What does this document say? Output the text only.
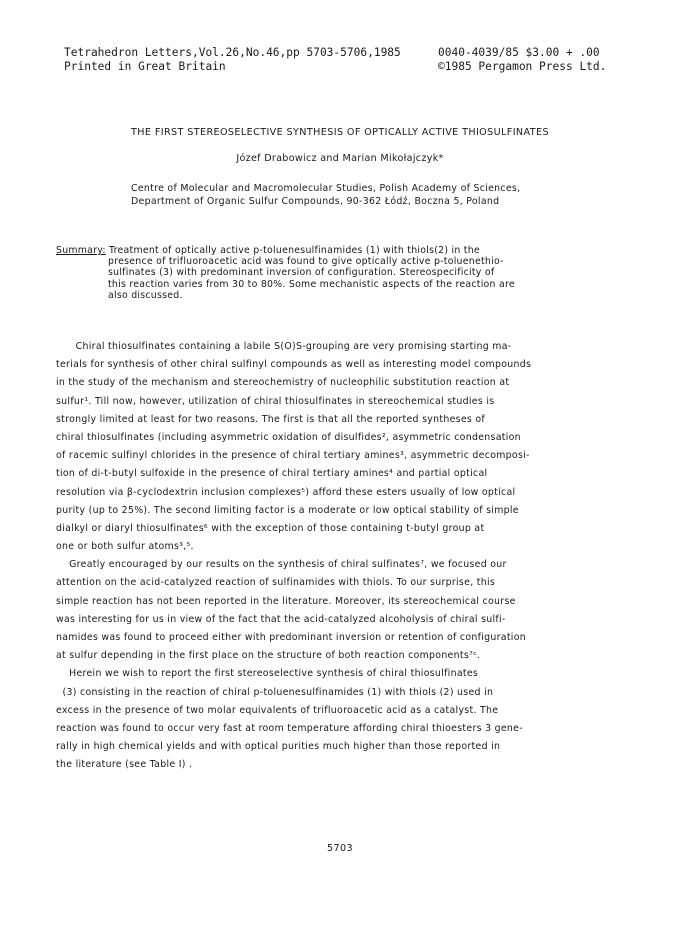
Tetrahedron Letters,Vol.26,No.46,pp 5703-5706,1985	0040-4039/85 $3.00 + .00
Printed in Great Britain	©1985 Pergamon Press Ltd.
THE FIRST STEREOSELECTIVE SYNTHESIS OF OPTICALLY ACTIVE THIOSULFINATES
Józef Drabowicz and Marian Mikołajczyk*
Centre of Molecular and Macromolecular Studies, Polish Academy of Sciences,
Department of Organic Sulfur Compounds, 90-362 Łódź, Boczna 5, Poland
Summary: Treatment of optically active p-toluenesulfinamides (1) with thiols(2) in the
presence of trifluoroacetic acid was found to give optically active p-toluenethio-
sulfinates (3) with predominant inversion of configuration. Stereospecificity of
this reaction varies from 30 to 80%. Some mechanistic aspects of the reaction are
also discussed.
Chiral thiosulfinates containing a labile S(O)S-grouping are very promising starting ma-
terials for synthesis of other chiral sulfinyl compounds as well as interesting model compounds
in the study of the mechanism and stereochemistry of nucleophilic substitution reaction at
sulfur¹. Till now, however, utilization of chiral thiosulfinates in stereochemical studies is
strongly limited at least for two reasons. The first is that all the reported syntheses of
chiral thiosulfinates (including asymmetric oxidation of disulfides², asymmetric condensation
of racemic sulfinyl chlorides in the presence of chiral tertiary amines³, asymmetric decomposi-
tion of di-t-butyl sulfoxide in the presence of chiral tertiary amines⁴ and partial optical
resolution via β-cyclodextrin inclusion complexes⁵) afford these esters usually of low optical
purity (up to 25%). The second limiting factor is a moderate or low optical stability of simple
dialkyl or diaryl thiosulfinates⁶ with the exception of those containing t-butyl group at
one or both sulfur atoms³,⁵.
Greatly encouraged by our results on the synthesis of chiral sulfinates⁷, we focused our
attention on the acid-catalyzed reaction of sulfinamides with thiols. To our surprise, this
simple reaction has not been reported in the literature. Moreover, its stereochemical course
was interesting for us in view of the fact that the acid-catalyzed alcoholysis of chiral sulfi-
namides was found to proceed either with predominant inversion or retention of configuration
at sulfur depending in the first place on the structure of both reaction components⁷ᶜ.
Herein we wish to report the first stereoselective synthesis of chiral thiosulfinates
(3) consisting in the reaction of chiral p-toluenesulfinamides (1) with thiols (2) used in
excess in the presence of two molar equivalents of trifluoroacetic acid as a catalyst. The
reaction was found to occur very fast at room temperature affording chiral thioesters 3 gene-
rally in high chemical yields and with optical purities much higher than those reported in
the literature (see Table I) .
5703
